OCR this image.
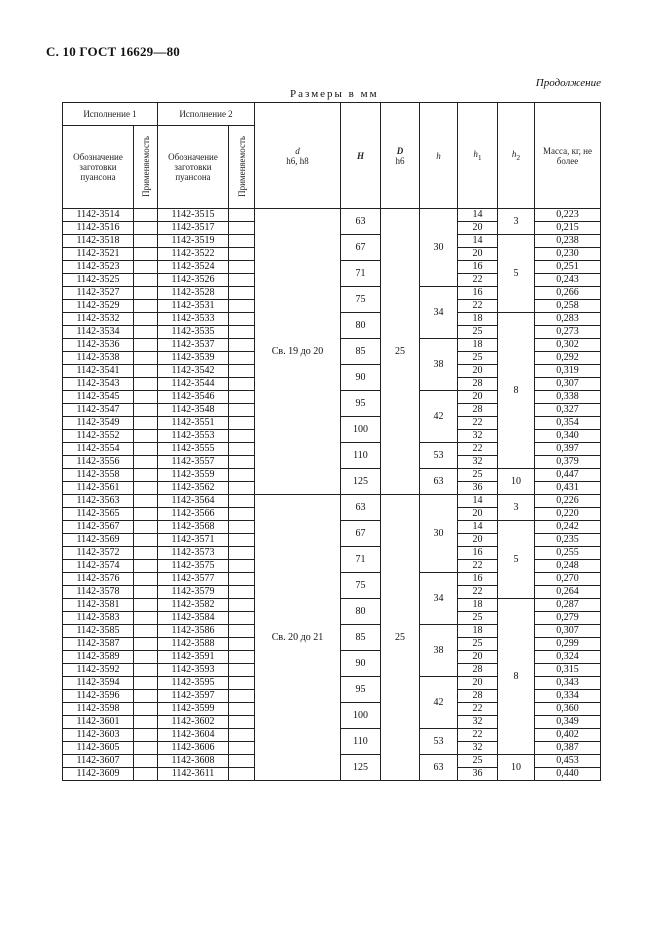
С. 10 ГОСТ 16629—80
Продолжение
Размеры в мм
Исполнение 1		Исполнение 2		d
h6, h8	H	D
h6	h	$h_1$	$h_2$	Масса, кг, не более
Обозначение заготовки пуансона	Применяемость	Обозначение заготовки пуансона	Применяемость							
1142-3514		1142-3515		Св. 19 до 20	63	25	30	14	3	0,223
1142-3516		1142-3517						20		0,215
1142-3518		1142-3519			67			14	5	0,238
1142-3521		1142-3522						20		0,230
1142-3523		1142-3524			71			16		0,251
1142-3525		1142-3526						22		0,243
1142-3527		1142-3528			75		34	16		0,266
1142-3529		1142-3531						22		0,258
1142-3532		1142-3533			80			18	8	0,283
1142-3534		1142-3535						25		0,273
1142-3536		1142-3537			85		38	18		0,302
1142-3538		1142-3539						25		0,292
1142-3541		1142-3542			90			20		0,319
1142-3543		1142-3544						28		0,307
1142-3545		1142-3546			95		42	20		0,338
1142-3547		1142-3548						28		0,327
1142-3549		1142-3551			100			22		0,354
1142-3552		1142-3553						32		0,340
1142-3554		1142-3555			110		53	22		0,397
1142-3556		1142-3557						32		0,379
1142-3558		1142-3559			125		63	25	10	0,447
1142-3561		1142-3562						36		0,431
1142-3563		1142-3564		Св. 20 до 21	63	25	30	14	3	0,226
1142-3565		1142-3566						20		0,220
1142-3567		1142-3568			67			14	5	0,242
1142-3569		1142-3571						20		0,235
1142-3572		1142-3573			71			16		0,255
1142-3574		1142-3575						22		0,248
1142-3576		1142-3577			75		34	16		0,270
1142-3578		1142-3579						22		0,264
1142-3581		1142-3582			80			18	8	0,287
1142-3583		1142-3584						25		0,279
1142-3585		1142-3586			85		38	18		0,307
1142-3587		1142-3588						25		0,299
1142-3589		1142-3591			90			20		0,324
1142-3592		1142-3593						28		0,315
1142-3594		1142-3595			95		42	20		0,343
1142-3596		1142-3597						28		0,334
1142-3598		1142-3599			100			22		0,360
1142-3601		1142-3602						32		0,349
1142-3603		1142-3604			110		53	22		0,402
1142-3605		1142-3606						32		0,387
1142-3607		1142-3608			125		63	25	10	0,453
1142-3609		1142-3611						36		0,440
